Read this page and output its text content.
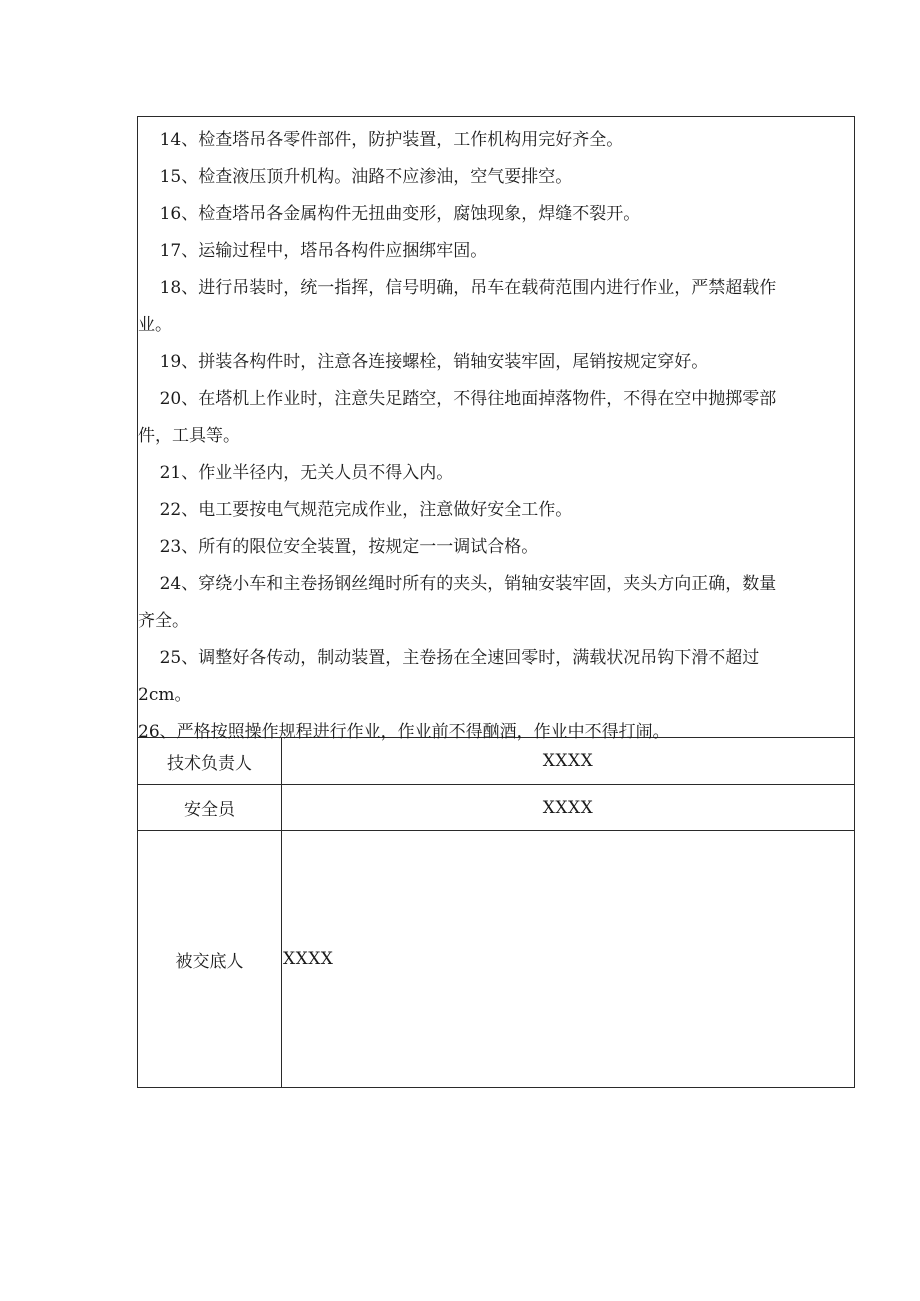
14、检查塔吊各零件部件，防护装置，工作机构用完好齐全。

15、检查液压顶升机构。油路不应渗油，空气要排空。

16、检查塔吊各金属构件无扭曲变形，腐蚀现象，焊缝不裂开。

17、运输过程中，塔吊各构件应捆绑牢固。

18、进行吊装时，统一指挥，信号明确，吊车在载荷范围内进行作业，严禁超载作

业。

19、拼装各构件时，注意各连接螺栓，销轴安装牢固，尾销按规定穿好。

20、在塔机上作业时，注意失足踏空，不得往地面掉落物件，不得在空中抛掷零部

件，工具等。

21、作业半径内，无关人员不得入内。

22、电工要按电气规范完成作业，注意做好安全工作。

23、所有的限位安全装置，按规定一一调试合格。

24、穿绕小车和主卷扬钢丝绳时所有的夹头，销轴安装牢固，夹头方向正确，数量

齐全。

25、调整好各传动，制动装置，主卷扬在全速回零时，满载状况吊钩下滑不超过

2cm。

26、严格按照操作规程进行作业，作业前不得酗酒，作业中不得打闹。

技术负责人	XXXX
安全员	XXXX
被交底人	XXXX
